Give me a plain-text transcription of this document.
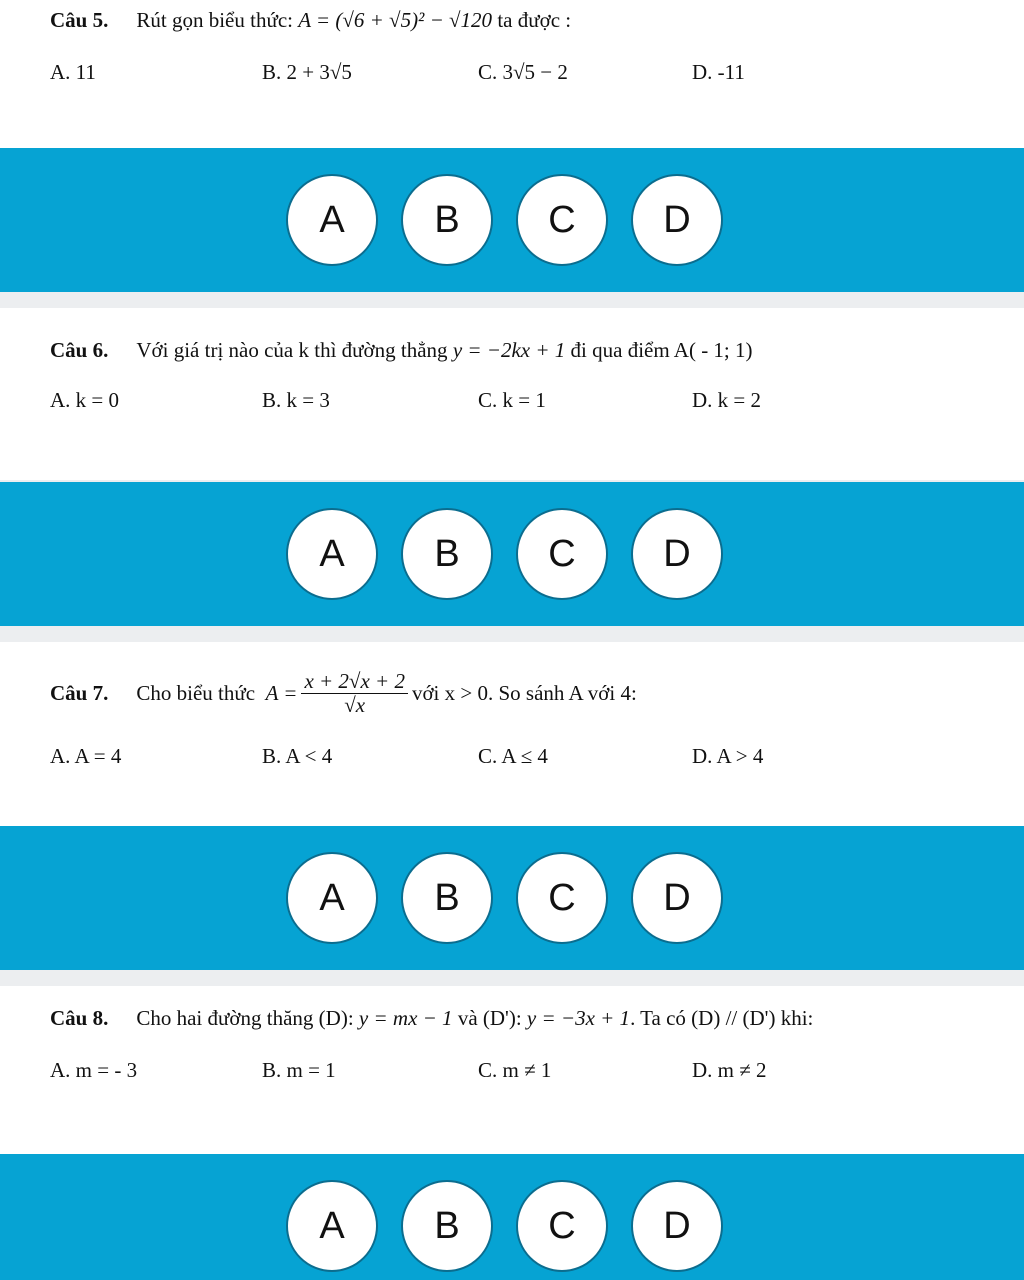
Câu 5. Rút gọn biểu thức:
A = (√6 + √5)² − √120
ta được :
A. 11	B. 2 + 3√5	C. 3√5 − 2	D. -11
A	B	C	D
Câu 6. Với giá trị nào của k thì đường thẳng
y = −2kx + 1
đi qua điểm A( - 1; 1)
A. k = 0	B. k = 3	C. k = 1	D. k = 2
A	B	C	D
Câu 7. Cho biểu thức
$A = \frac{x + 2√x + 2}{√x}$ với x > 0. So sánh A với 4:
A. A = 4	B. A < 4	C. A ≤ 4	D. A > 4
A	B	C	D
Câu 8. Cho hai đường thăng (D):
y = mx − 1
và (D'):
y = −3x + 1 . Ta có (D) // (D') khi:
A. m = - 3	B. m = 1	C. m ≠ 1	D. m ≠ 2
A	B	C	D
